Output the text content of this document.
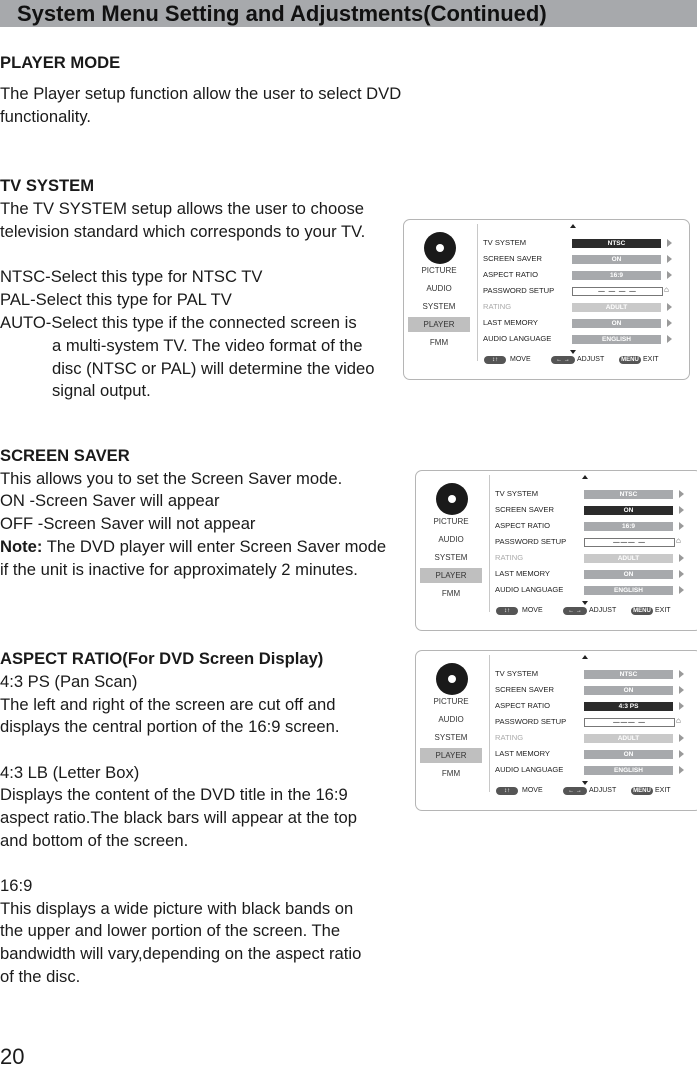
System Menu Setting and Adjustments(Continued)
PLAYER MODE
The Player setup function allow the user to select DVD
functionality.
TV SYSTEM
The TV SYSTEM setup allows the user to choose
television standard which corresponds to your TV.
NTSC-Select this type for NTSC TV
PAL-Select this type for PAL TV
AUTO-Select this type if the connected screen is
a multi-system TV. The video format of the
disc (NTSC or PAL) will determine the video
signal output.
SCREEN SAVER
This allows you to set the Screen Saver mode.
ON -Screen Saver will appear
OFF -Screen Saver will not appear
Note: The DVD player will enter Screen Saver mode
if the unit is inactive for approximately 2 minutes.
ASPECT RATIO(For DVD Screen Display)
4:3 PS (Pan Scan)
The left and right of the screen are cut off and
displays the central portion of the 16:9 screen.
4:3 LB (Letter Box)
Displays the content of the DVD title in the 16:9
aspect ratio.The black bars will appear at the top
and bottom of the screen.
16:9
This displays a wide picture with black bands on
the upper and lower portion of the screen. The
bandwidth will vary,depending on the aspect ratio
of the disc.
20
PICTURE
AUDIO
SYSTEM
PLAYER
FMM
TV SYSTEM	NTSC
SCREEN SAVER	ON
ASPECT RATIO	16:9
PASSWORD SETUP	— — — —	⌂
RATING	ADULT
LAST MEMORY	ON
AUDIO LANGUAGE	ENGLISH
↕↑	MOVE	← →	ADJUST	MENU EXIT
PICTURE
AUDIO
SYSTEM
PLAYER
FMM
TV SYSTEM	NTSC
SCREEN SAVER	ON
ASPECT RATIO	16:9
PASSWORD SETUP	——— —	⌂
RATING	ADULT
LAST MEMORY	ON
AUDIO LANGUAGE	ENGLISH
↕↑	MOVE	← →	ADJUST	MENU EXIT
PICTURE
AUDIO
SYSTEM
PLAYER
FMM
TV SYSTEM	NTSC
SCREEN SAVER	ON
ASPECT RATIO	4:3 PS
PASSWORD SETUP	——— —	⌂
RATING	ADULT
LAST MEMORY	ON
AUDIO LANGUAGE	ENGLISH
↕↑	MOVE	← →	ADJUST	MENU EXIT
